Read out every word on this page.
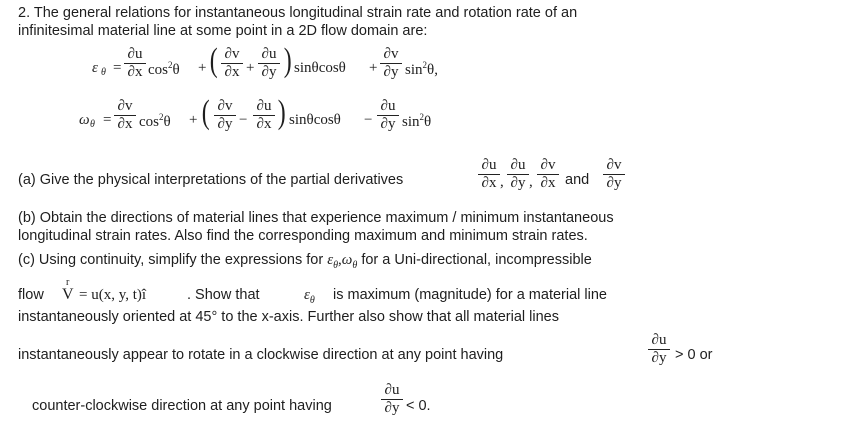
2. The general relations for instantaneous longitudinal strain rate and rotation rate of an
infinitesimal material line at some point in a 2D flow domain are:
ε θ =
∂u
∂x $\cos^2\theta$ + ( ∂v
∂x +
∂u
∂y ) sinθcosθ +
∂v
∂y $\sin^2\theta$,
ω θ =
∂v
∂x $\cos^2\theta$ + ( ∂v
∂y −
∂u
∂x ) sinθcosθ −
∂u
∂y $\sin^2\theta$
(a) Give the physical interpretations of the partial derivatives
∂u
∂x ,
∂u
∂y ,
∂v
∂x and
∂v
∂y
(b) Obtain the directions of material lines that experience maximum / minimum instantaneous
longitudinal strain rates. Also find the corresponding maximum and minimum strain rates.
(c) Using continuity, simplify the expressions for $\varepsilon_\theta,\omega_\theta$ for a Uni-directional, incompressible
flow
r
V = u(x, y, t)î	. Show that	$\varepsilon_\theta$ is maximum (magnitude) for a material line
instantaneously oriented at 45° to the x-axis. Further also show that all material lines
instantaneously appear to rotate in a clockwise direction at any point having
∂u
∂y > 0 or
counter-clockwise direction at any point having
∂u
∂y < 0.
